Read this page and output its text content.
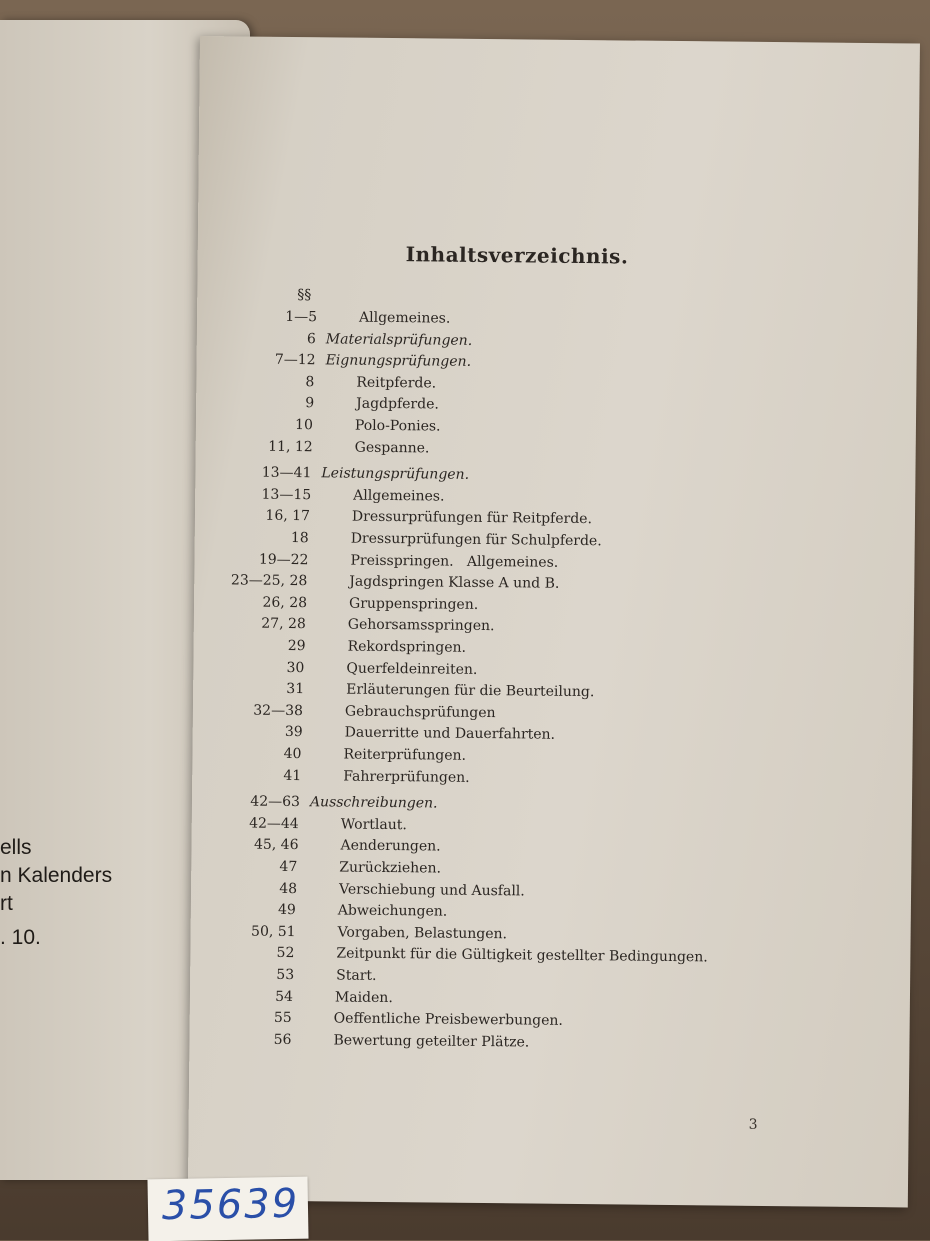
ells
n Kalenders
rt
. 10.
Inhaltsverzeichnis.
§§
1—5	Allgemeines.
6 Materialsprüfungen.
7—12 Eignungsprüfungen.
8	Reitpferde.
9	Jagdpferde.
10	Polo-Ponies.
11, 12	Gespanne.
13—41 Leistungsprüfungen.
13—15	Allgemeines.
16, 17	Dressurprüfungen für Reitpferde.
18	Dressurprüfungen für Schulpferde.
19—22	Preisspringen.   Allgemeines.
23—25, 28	Jagdspringen Klasse A und B.
26, 28	Gruppenspringen.
27, 28	Gehorsamsspringen.
29	Rekordspringen.
30	Querfeldeinreiten.
31	Erläuterungen für die Beurteilung.
32—38	Gebrauchsprüfungen
39	Dauerritte und Dauerfahrten.
40	Reiterprüfungen.
41	Fahrerprüfungen.
42—63 Ausschreibungen.
42—44	Wortlaut.
45, 46	Aenderungen.
47	Zurückziehen.
48	Verschiebung und Ausfall.
49	Abweichungen.
50, 51	Vorgaben, Belastungen.
52	Zeitpunkt für die Gültigkeit gestellter Bedingungen.
53	Start.
54	Maiden.
55	Oeffentliche Preisbewerbungen.
56	Bewertung geteilter Plätze.
3
35639
